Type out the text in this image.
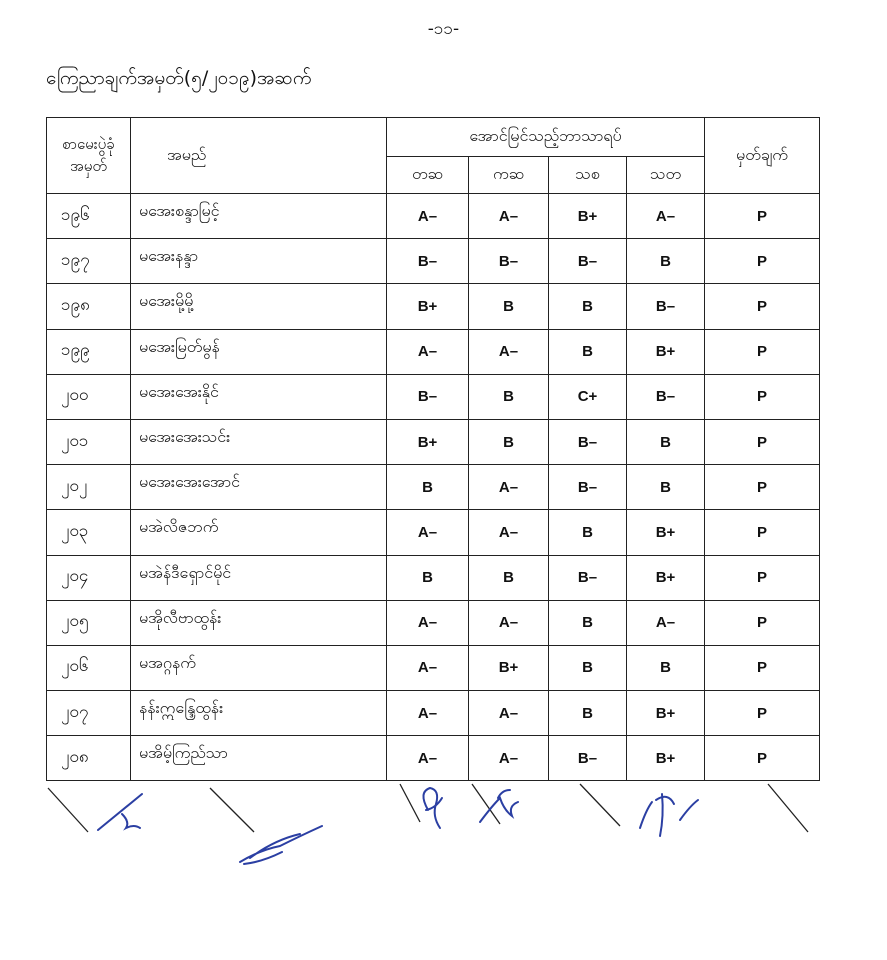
-၁၁-
ကြေညာချက်အမှတ်(၅/၂၀၁၉)အဆက်
စာမေးပွဲခုံအမှတ်	အမည်	အောင်မြင်သည့်ဘာသာရပ်				မှတ်ချက်
		တဆ	ကဆ	သစ	သတ	
၁၉၆	မအေးစန္ဒာမြင့်	A–	A–	B+	A–	P
၁၉၇	မအေးနန္ဒာ	B–	B–	B–	B	P
၁၉၈	မအေးမို့မို့	B+	B	B	B–	P
၁၉၉	မအေးမြတ်မွန်	A–	A–	B	B+	P
၂၀၀	မအေးအေးနိုင်	B–	B	C+	B–	P
၂၀၁	မအေးအေးသင်း	B+	B	B–	B	P
၂၀၂	မအေးအေးအောင်	B	A–	B–	B	P
၂၀၃	မအဲလိဇဘက်	A–	A–	B	B+	P
၂၀၄	မအဲန်ဒီရှောင်မိုင်	B	B	B–	B+	P
၂၀၅	မအိုလီဗာထွန်း	A–	A–	B	A–	P
၂၀၆	မအဂ္ဂနက်	A–	B+	B	B	P
၂၀၇	နန်းဣန္ဒြေထွန်း	A–	A–	B	B+	P
၂၀၈	မအိမ့်ကြည်သာ	A–	A–	B–	B+	P
